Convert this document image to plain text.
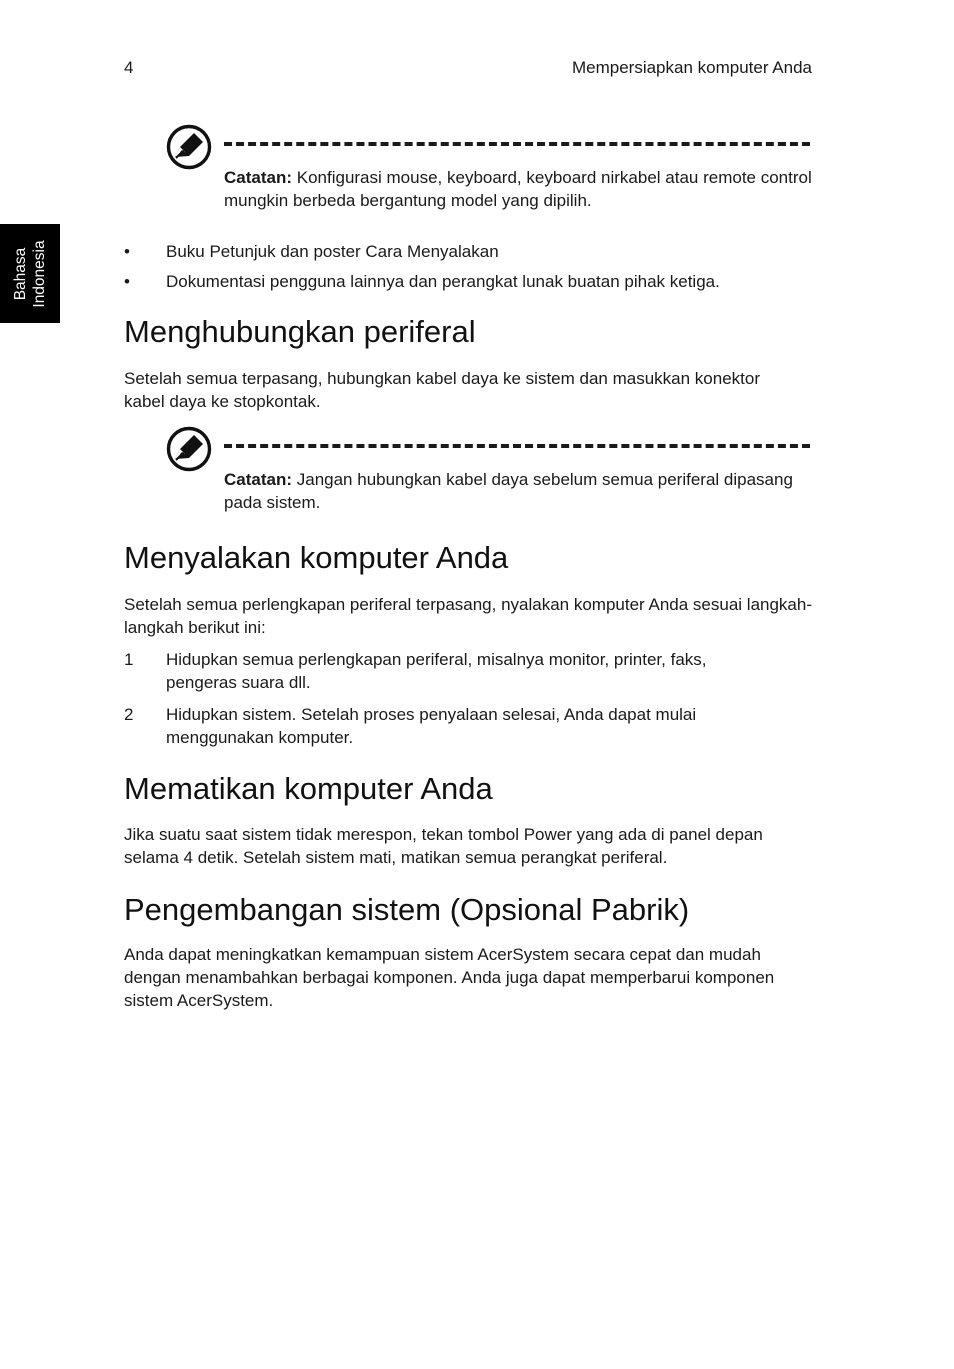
4	Mempersiapkan komputer Anda
Bahasa Indonesia
Catatan: Konfigurasi mouse, keyboard, keyboard nirkabel atau remote control mungkin berbeda bergantung model yang dipilih.
•	Buku Petunjuk dan poster Cara Menyalakan
•	Dokumentasi pengguna lainnya dan perangkat lunak buatan pihak ketiga.
Menghubungkan periferal
Setelah semua terpasang, hubungkan kabel daya ke sistem dan masukkan konektor kabel daya ke stopkontak.
Catatan: Jangan hubungkan kabel daya sebelum semua periferal dipasang pada sistem.
Menyalakan komputer Anda
Setelah semua perlengkapan periferal terpasang, nyalakan komputer Anda sesuai langkah-langkah berikut ini:
1	Hidupkan semua perlengkapan periferal, misalnya monitor, printer, faks, pengeras suara dll.
2	Hidupkan sistem. Setelah proses penyalaan selesai, Anda dapat mulai menggunakan komputer.
Mematikan komputer Anda
Jika suatu saat sistem tidak merespon, tekan tombol Power yang ada di panel depan selama 4 detik. Setelah sistem mati, matikan semua perangkat periferal.
Pengembangan sistem (Opsional Pabrik)
Anda dapat meningkatkan kemampuan sistem AcerSystem secara cepat dan mudah dengan menambahkan berbagai komponen. Anda juga dapat memperbarui komponen sistem AcerSystem.
